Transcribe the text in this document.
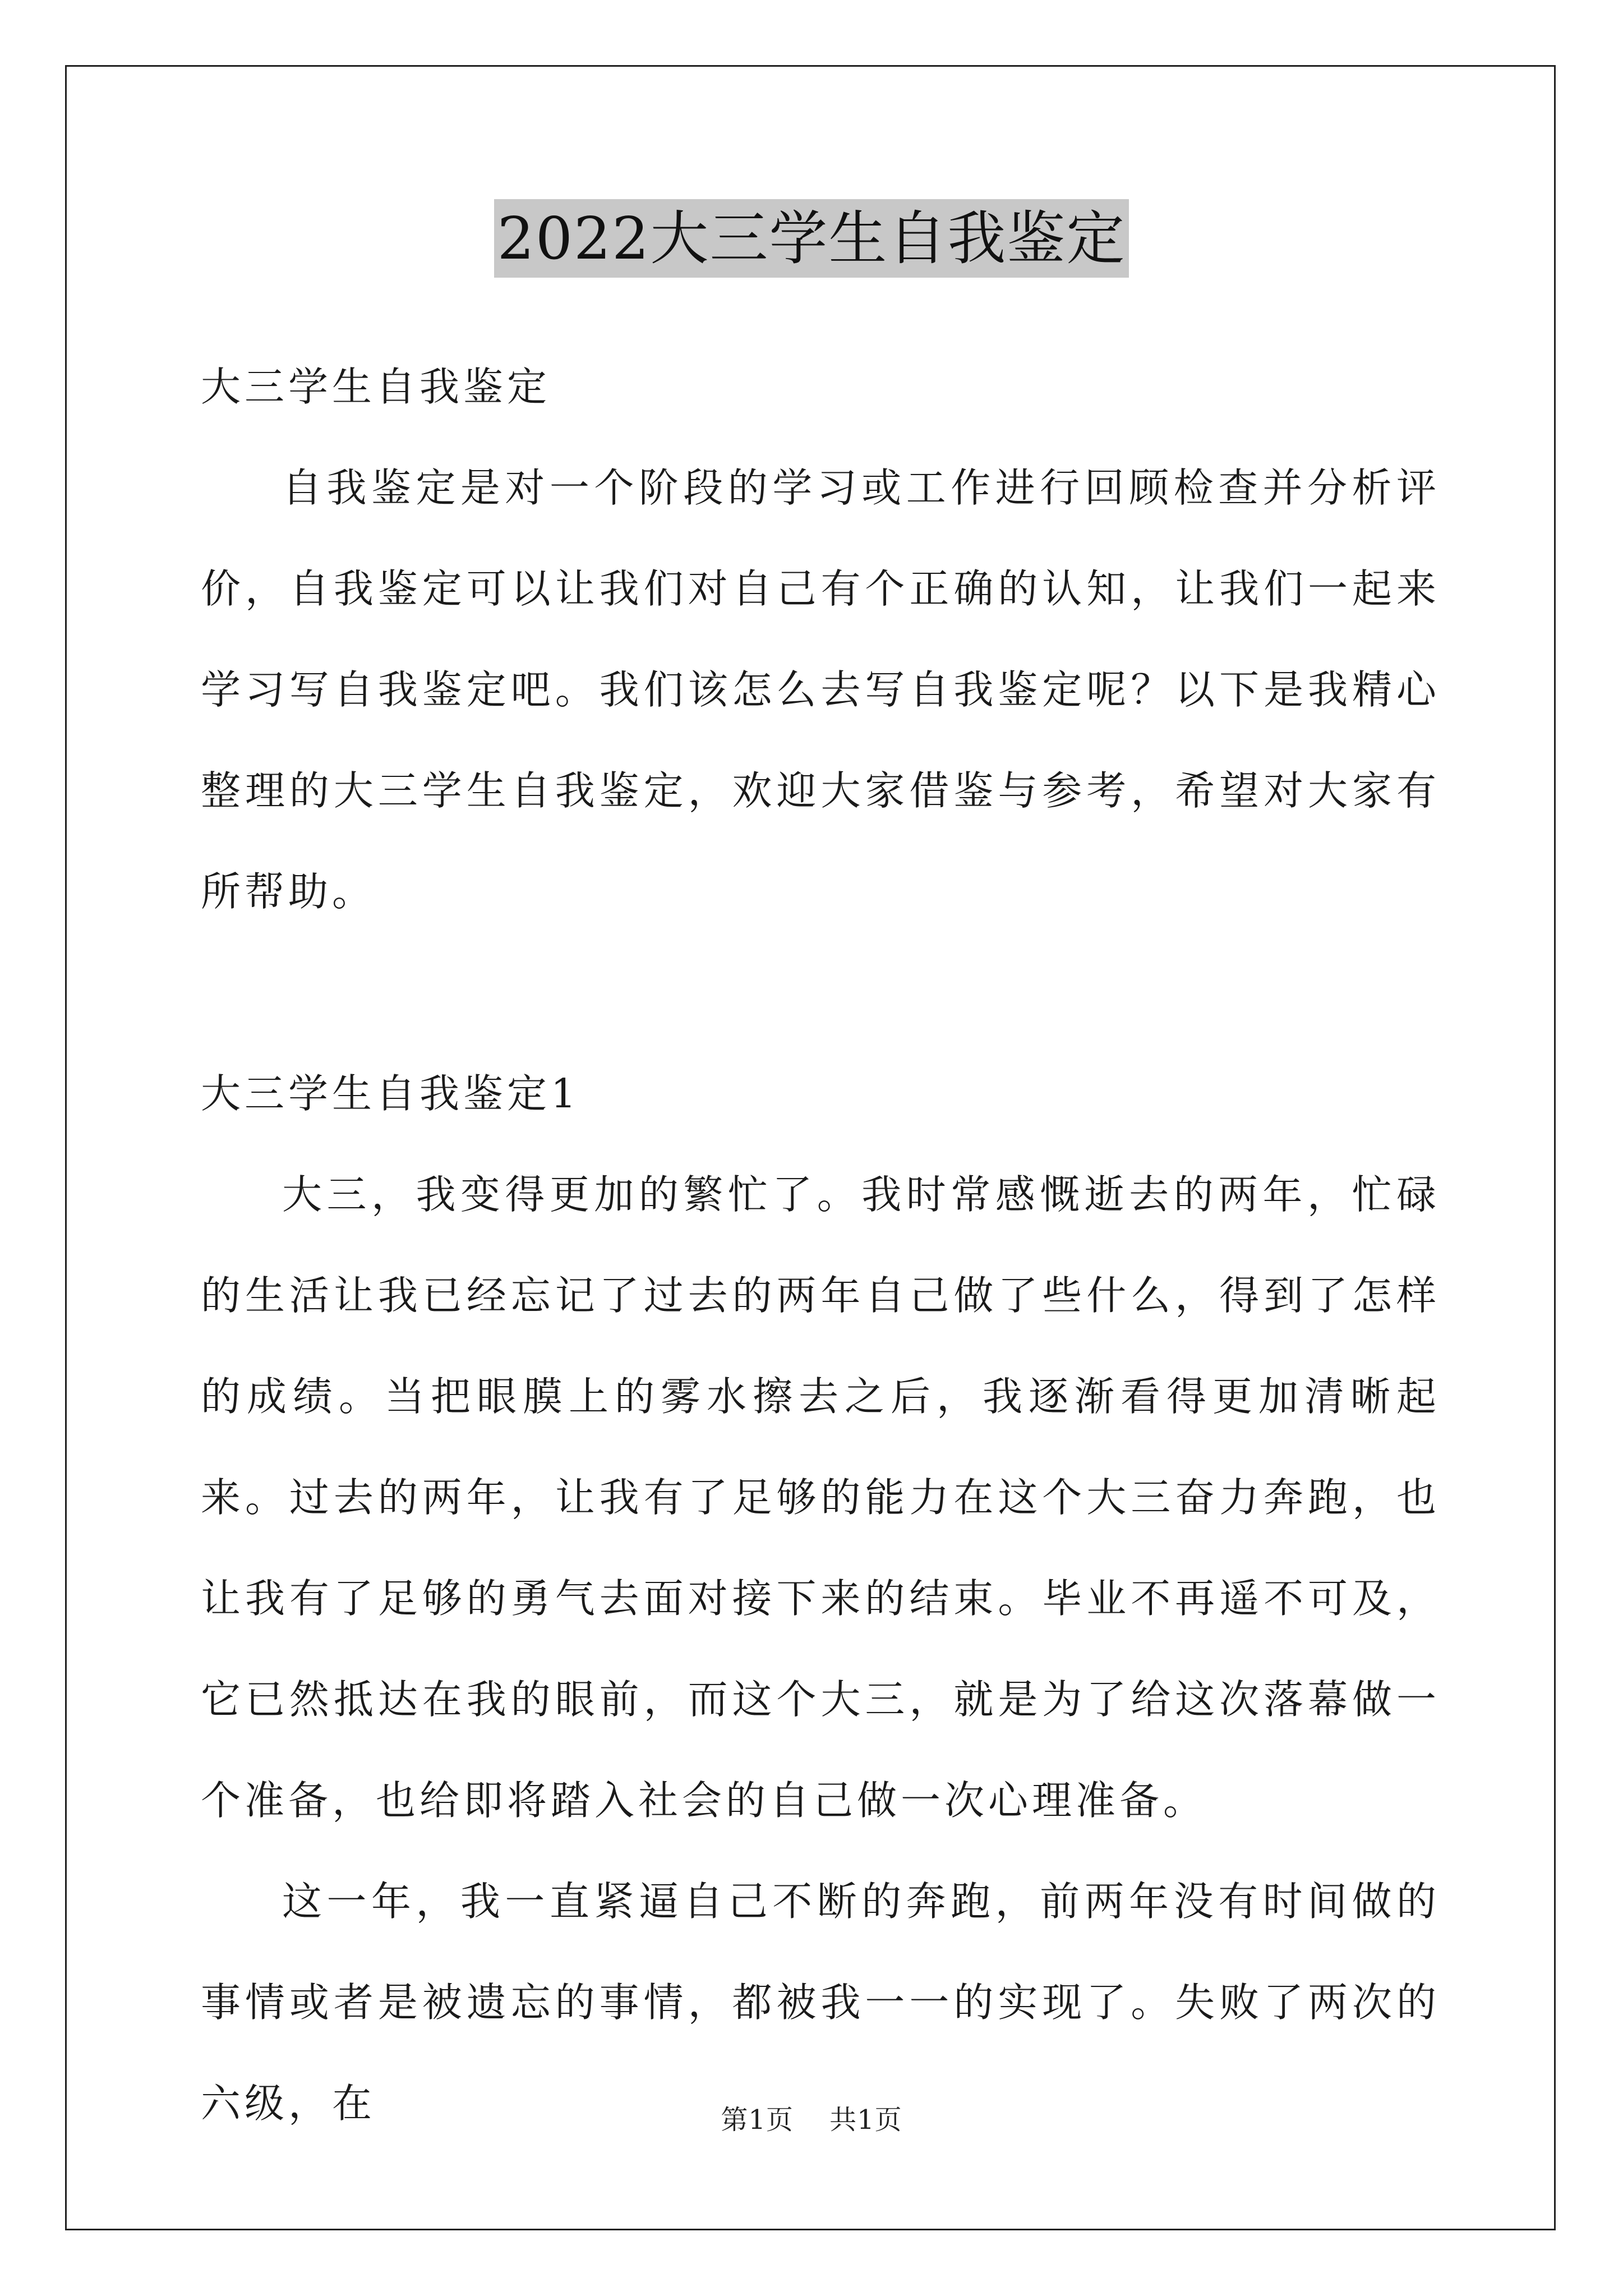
2022大三学生自我鉴定

大三学生自我鉴定

自我鉴定是对一个阶段的学习或工作进行回顾检查并分析评价，自我鉴定可以让我们对自己有个正确的认知，让我们一起来学习写自我鉴定吧。我们该怎么去写自我鉴定呢？以下是我精心整理的大三学生自我鉴定，欢迎大家借鉴与参考，希望对大家有所帮助。

大三学生自我鉴定1

大三，我变得更加的繁忙了。我时常感慨逝去的两年，忙碌的生活让我已经忘记了过去的两年自己做了些什么，得到了怎样的成绩。当把眼膜上的雾水擦去之后，我逐渐看得更加清晰起来。过去的两年，让我有了足够的能力在这个大三奋力奔跑，也让我有了足够的勇气去面对接下来的结束。毕业不再遥不可及，它已然抵达在我的眼前，而这个大三，就是为了给这次落幕做一个准备，也给即将踏入社会的自己做一次心理准备。

这一年，我一直紧逼自己不断的奔跑，前两年没有时间做的事情或者是被遗忘的事情，都被我一一的实现了。失败了两次的六级，在	第1页 共1页
